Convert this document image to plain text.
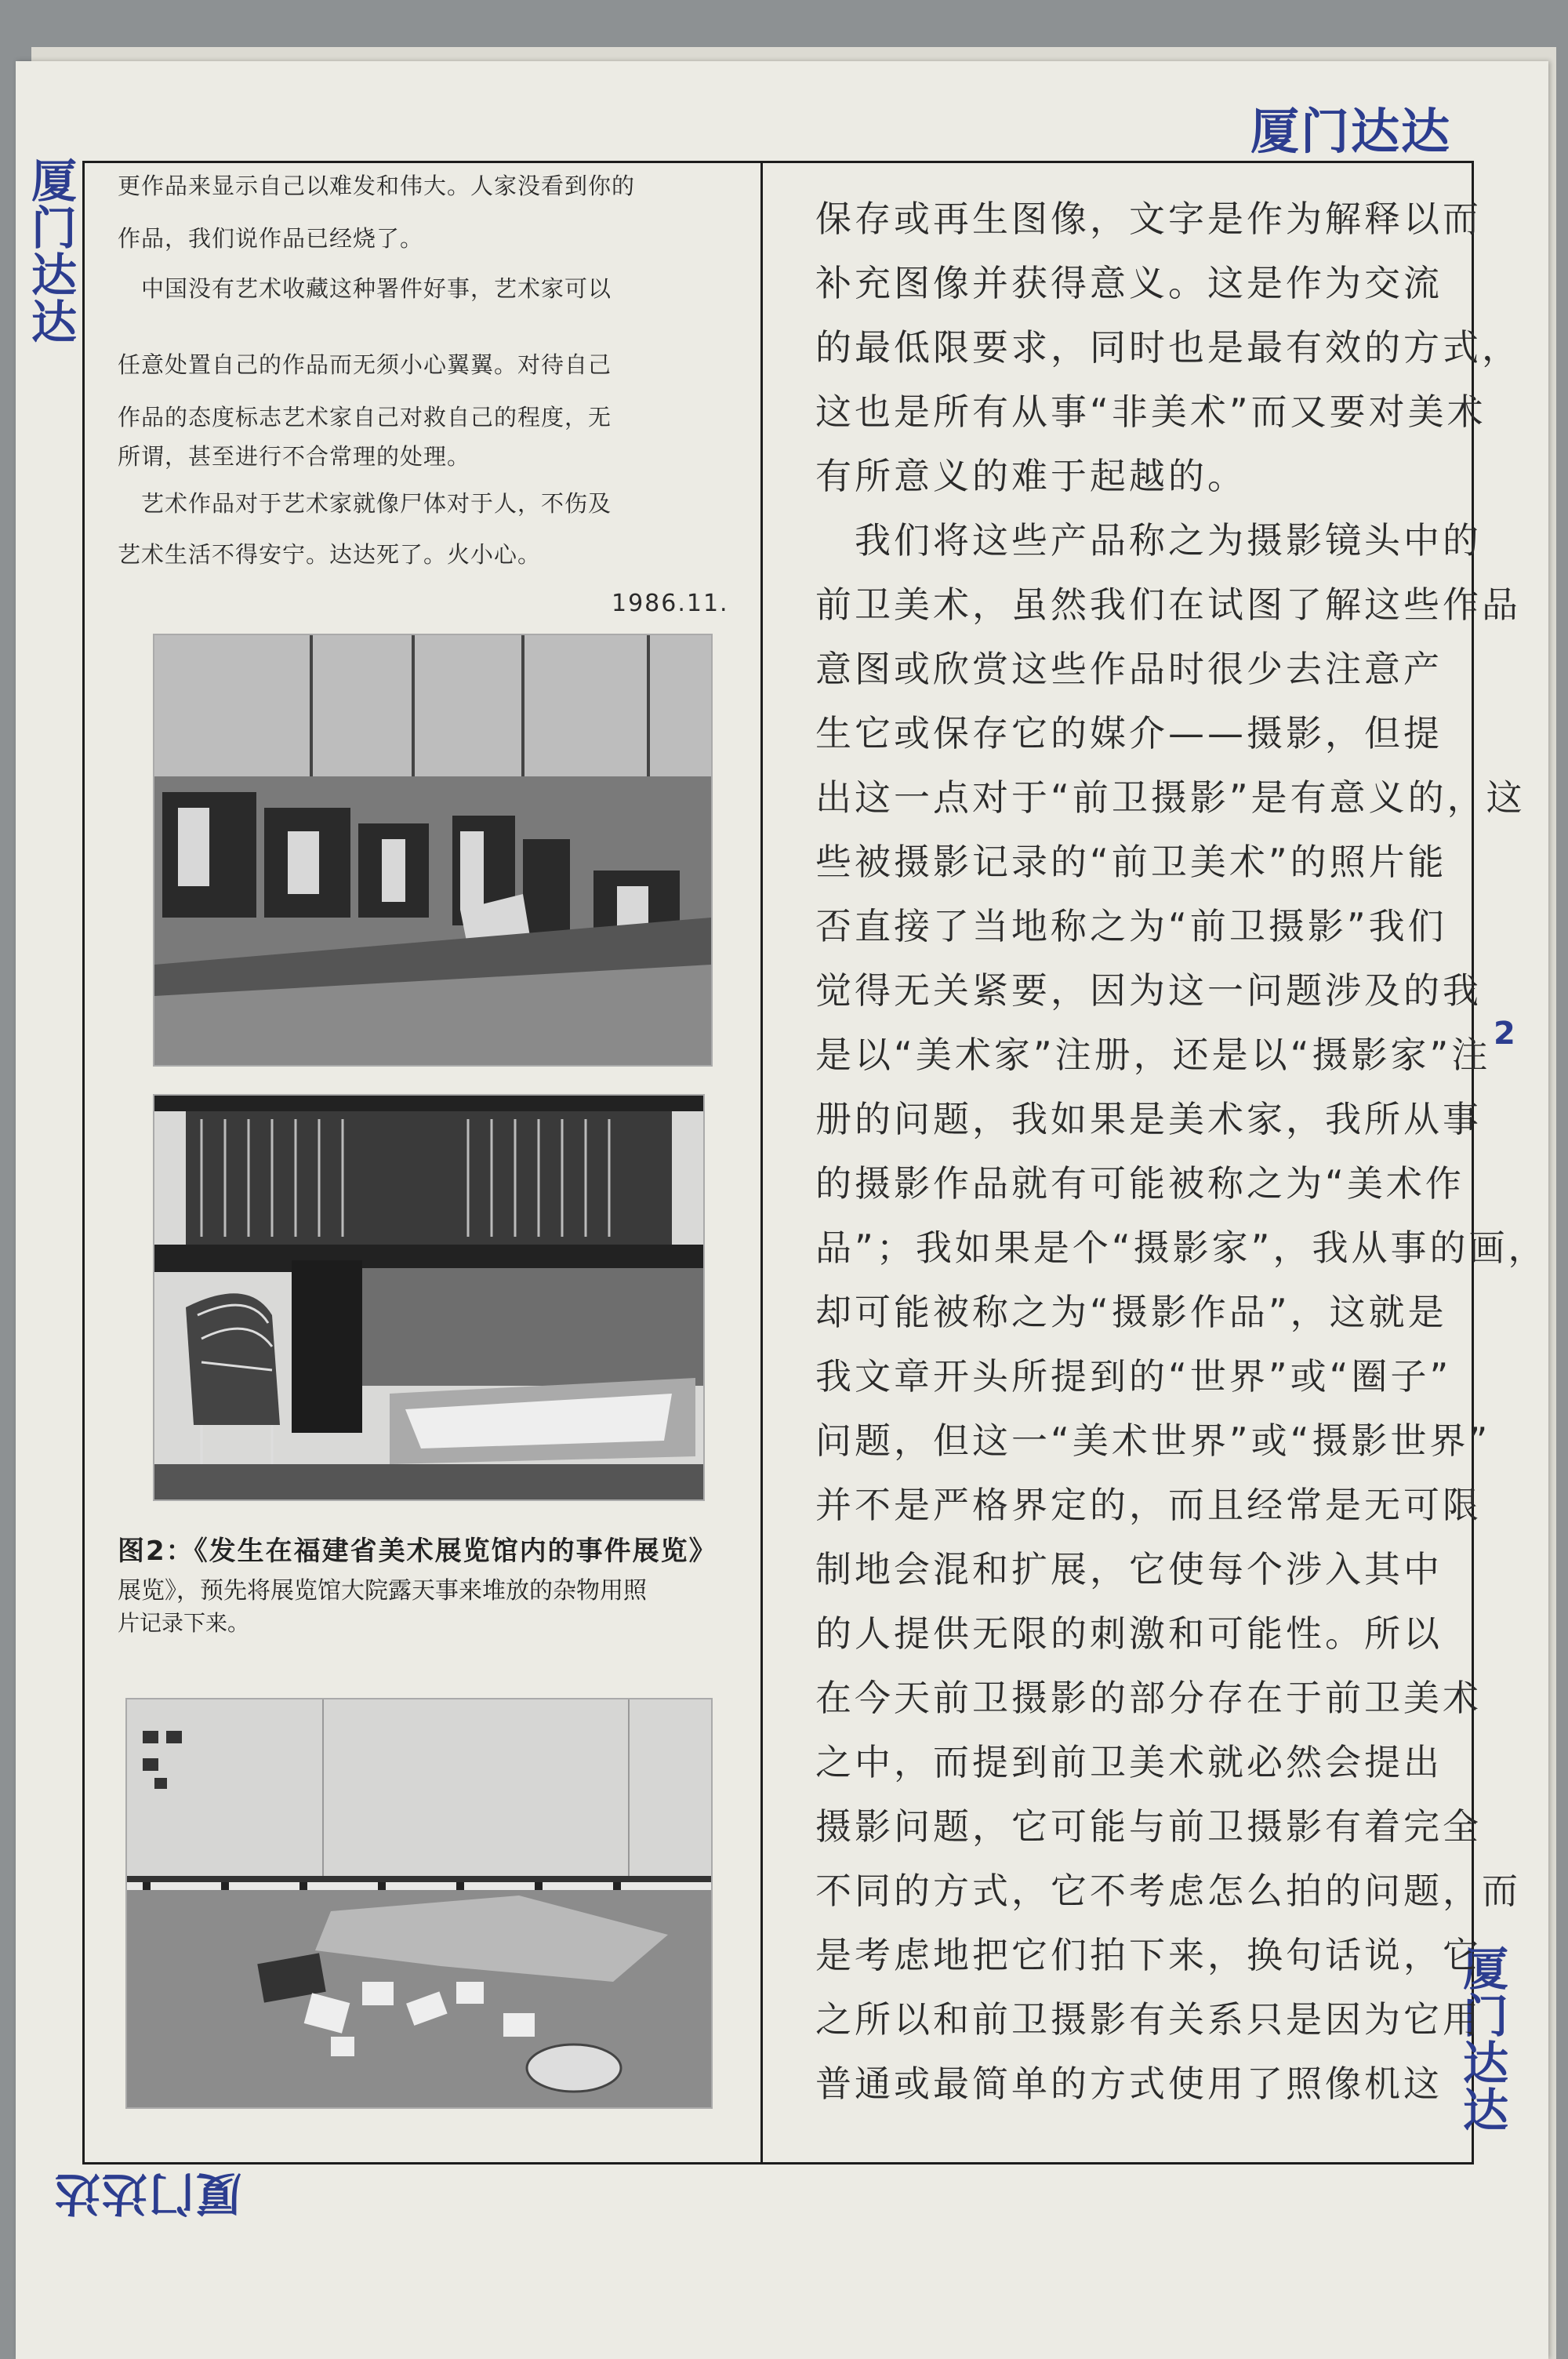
厦门达达
厦门达达
厦门达达
厦门达达
2
更作品来显示自己以难发和伟大。人家没看到你的
作品，我们说作品已经烧了。
　中国没有艺术收藏这种署件好事，艺术家可以
任意处置自己的作品而无须小心翼翼。对待自己
作品的态度标志艺术家自己对救自己的程度，无
所谓，甚至进行不合常理的处理。
　艺术作品对于艺术家就像尸体对于人，不伤及
艺术生活不得安宁。达达死了。火小心。
1986.11.
图2：《发生在福建省美术展览馆内的事件展览》
展览》，预先将展览馆大院露天事来堆放的杂物用照
片记录下来。
保存或再生图像，文字是作为解释以而
补充图像并获得意义。这是作为交流
的最低限要求，同时也是最有效的方式，
这也是所有从事“非美术”而又要对美术
有所意义的难于起越的。
　我们将这些产品称之为摄影镜头中的
前卫美术，虽然我们在试图了解这些作品
意图或欣赏这些作品时很少去注意产
生它或保存它的媒介——摄影，但提
出这一点对于“前卫摄影”是有意义的，这
些被摄影记录的“前卫美术”的照片能
否直接了当地称之为“前卫摄影”我们
觉得无关紧要，因为这一问题涉及的我
是以“美术家”注册，还是以“摄影家”注
册的问题，我如果是美术家，我所从事
的摄影作品就有可能被称之为“美术作
品”；我如果是个“摄影家”，我从事的画，
却可能被称之为“摄影作品”，这就是
我文章开头所提到的“世界”或“圈子”
问题，但这一“美术世界”或“摄影世界”
并不是严格界定的，而且经常是无可限
制地会混和扩展，它使每个涉入其中
的人提供无限的刺激和可能性。所以
在今天前卫摄影的部分存在于前卫美术
之中，而提到前卫美术就必然会提出
摄影问题，它可能与前卫摄影有着完全
不同的方式，它不考虑怎么拍的问题，而
是考虑地把它们拍下来，换句话说，它
之所以和前卫摄影有关系只是因为它用
普通或最简单的方式使用了照像机这
